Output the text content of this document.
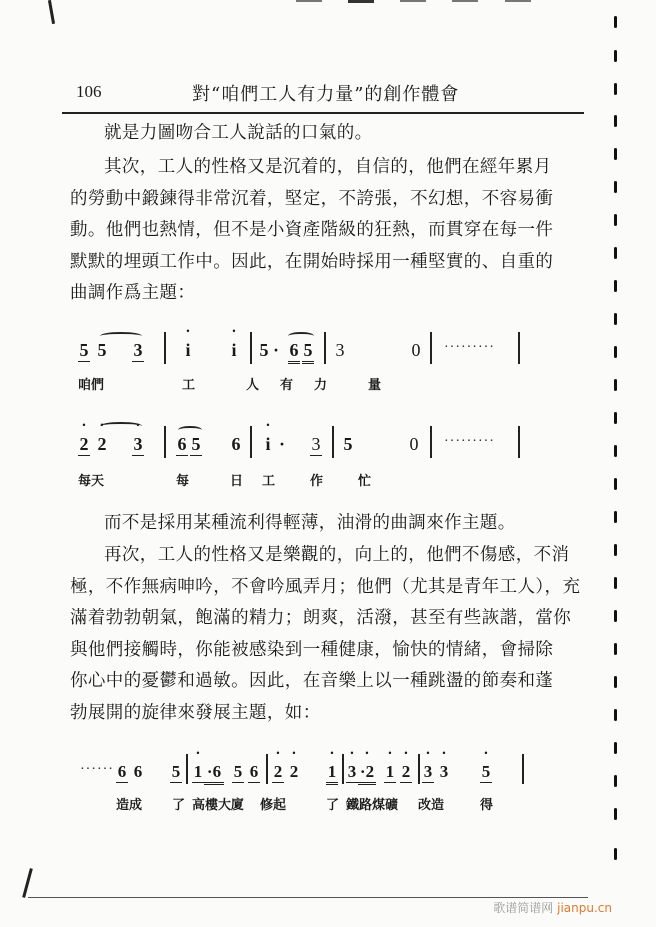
106	對“咱們工人有力量”的創作體會
就是力圖吻合工人說話的口氣的。
其次，工人的性格又是沉着的，自信的，他們在經年累月
的勞動中鍛鍊得非常沉着，堅定，不誇張，不幻想，不容易衝
動。他們也熱情，但不是小資產階級的狂熱，而貫穿在每一件
默默的埋頭工作中。因此，在開始時採用一種堅實的、自重的
曲調作爲主題：
5 5 3 • i • i 5 · 6 5 3	0 ·········
咱們	工	人 有 力	量
• 2 • 2 • 3 6 5 6 • i · 3 5	0 ·········
每天	每	日 工	作	忙
而不是採用某種流利得輕薄，油滑的曲調來作主題。
再次，工人的性格又是樂觀的，向上的，他們不傷感，不消
極，不作無病呻吟，不會吟風弄月；他們（尤其是青年工人），充
滿着勃勃朝氣，飽滿的精力；朗爽，活潑，甚至有些詼諧，當你
與他們接觸時，你能被感染到一種健康，愉快的情緒，會掃除
你心中的憂鬱和過敏。因此，在音樂上以一種跳盪的節奏和蓬
勃展開的旋律來發展主題，如：
······ 6 6 5 • 1 ·6 5 6 • 2 • 2 • 1 • 3 • ·2 • 1 • 2 • 3 • 3 • 5
造成 了 高樓大廈 修起	了 鐵路煤礦 改造	得
歌谱简谱网 jianpu.cn
